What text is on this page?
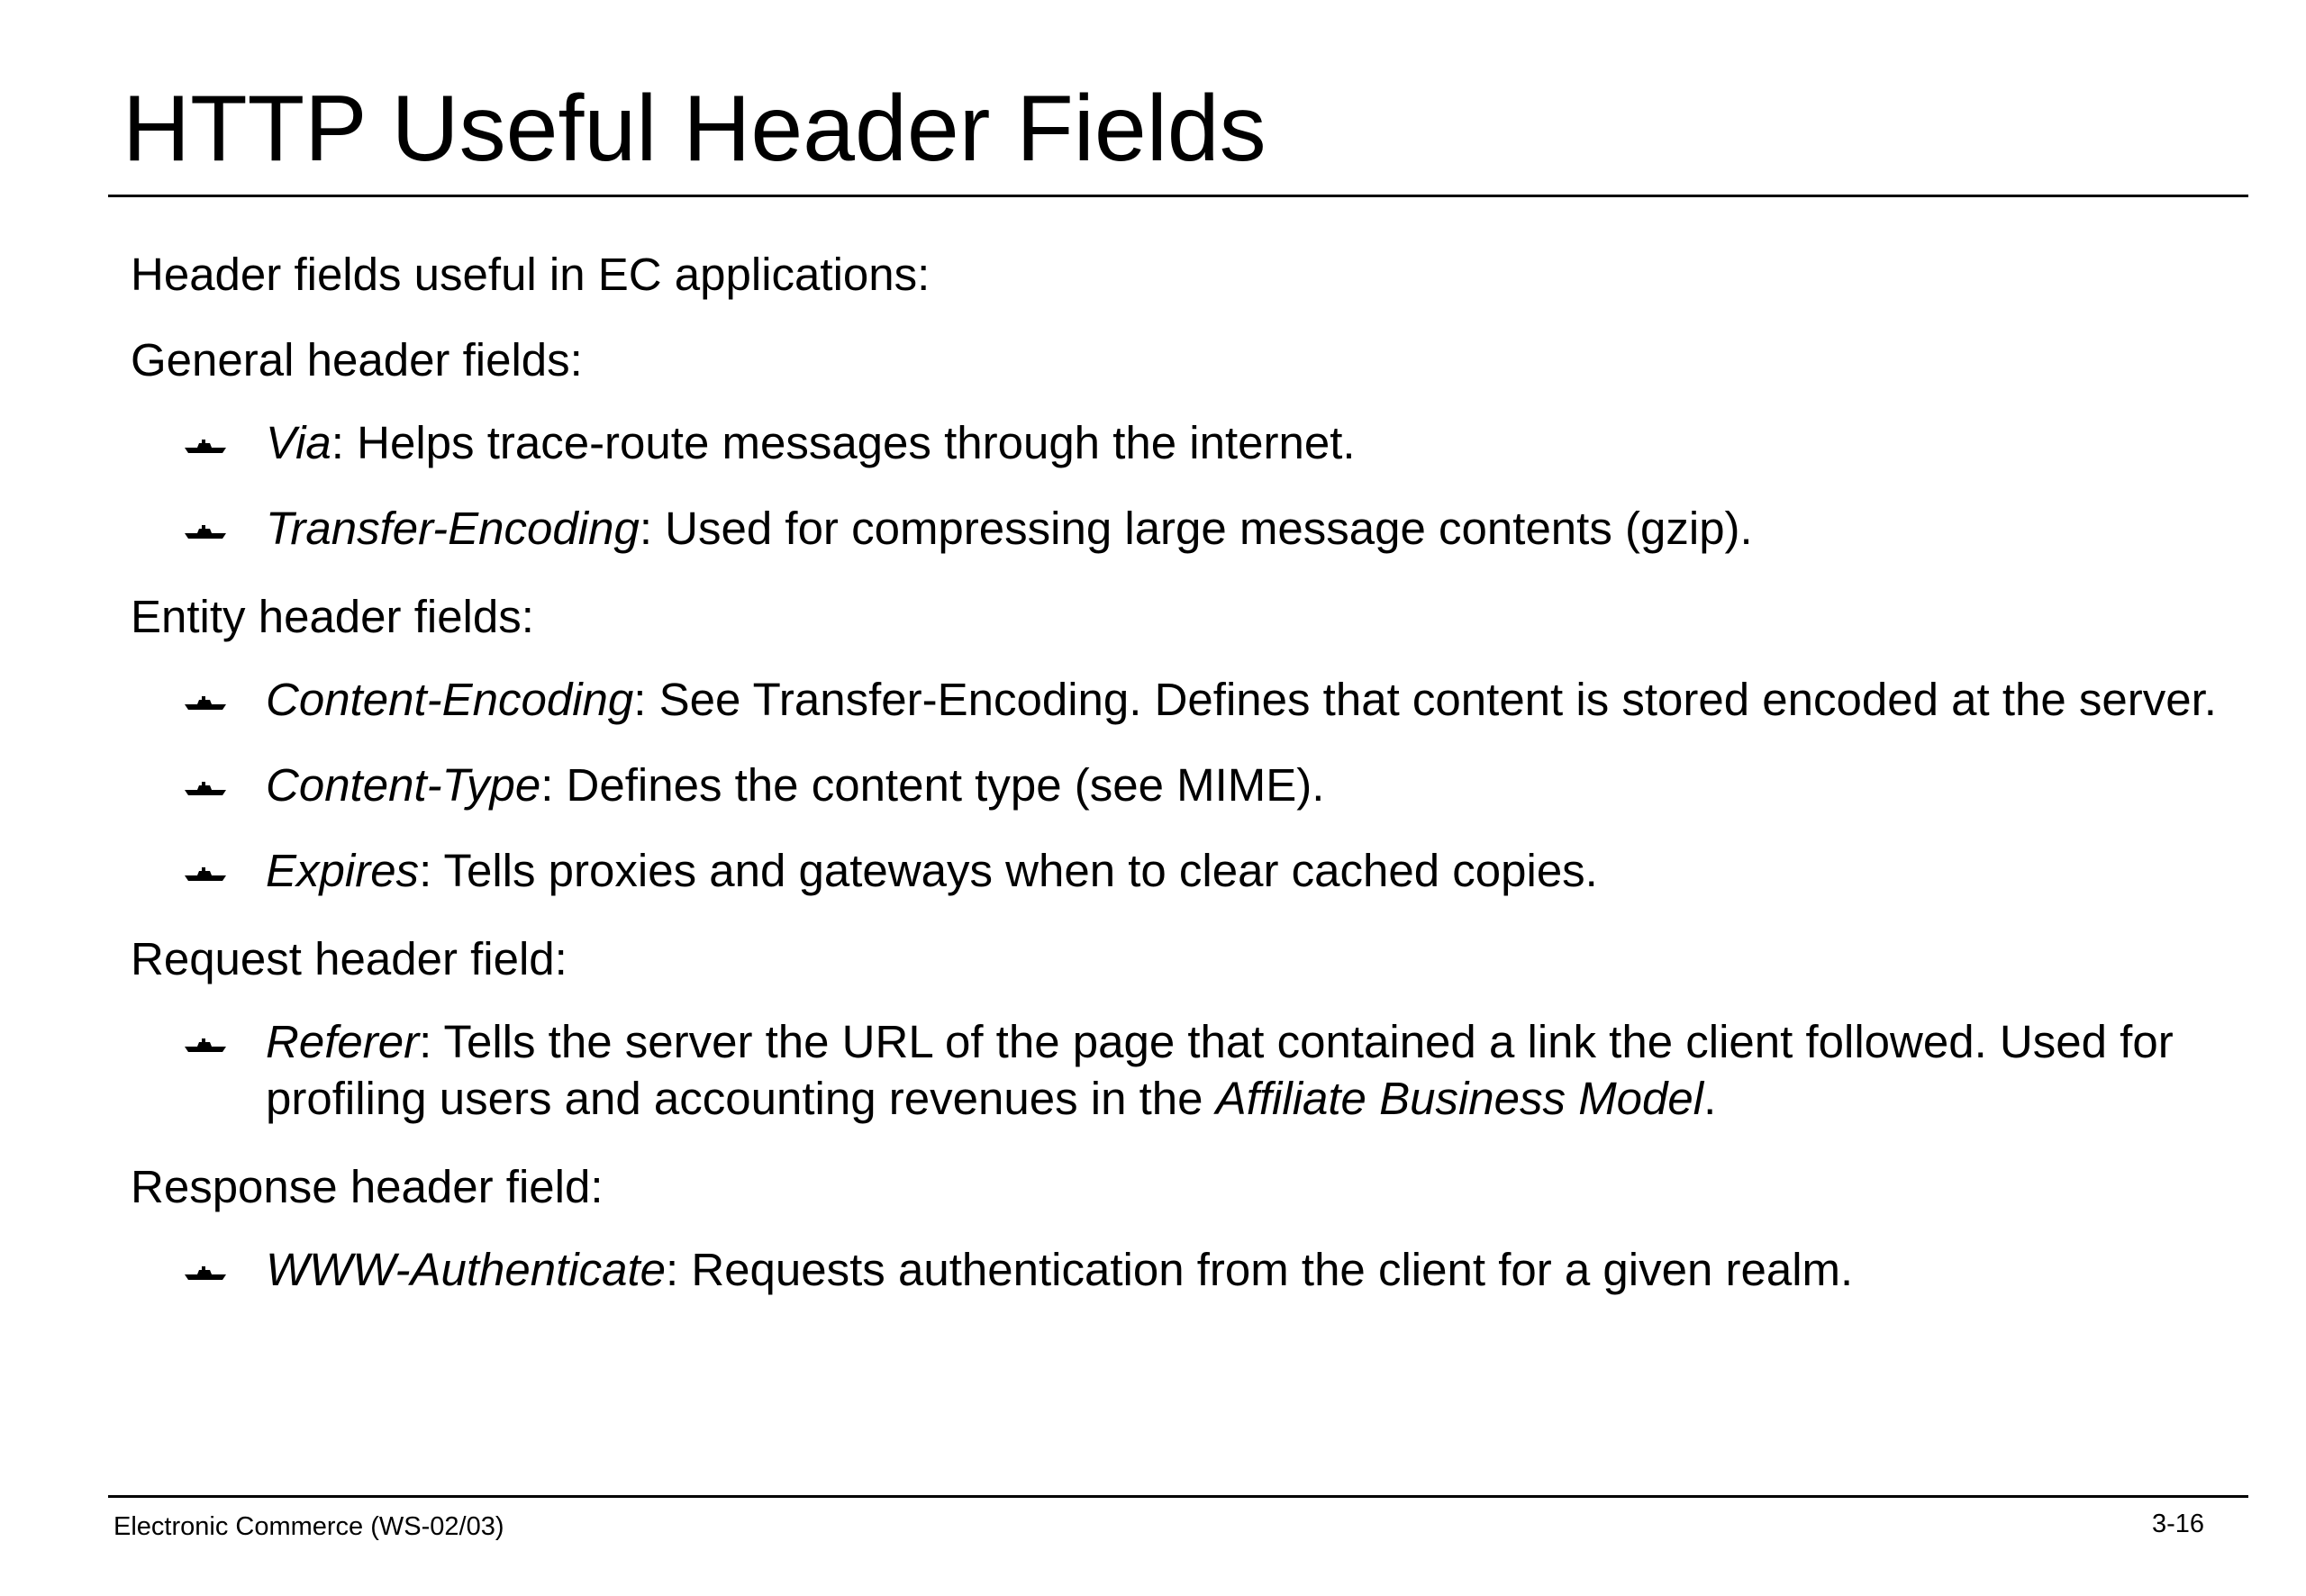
HTTP Useful Header Fields
Header fields useful in EC applications:
General header fields:
Via: Helps trace-route messages through the internet.
Transfer-Encoding: Used for compressing large message contents (gzip).
Entity header fields:
Content-Encoding: See Transfer-Encoding. Defines that content is stored encoded at the server.
Content-Type: Defines the content type (see MIME).
Expires: Tells proxies and gateways when to clear cached copies.
Request header field:
Referer: Tells the server the URL of the page that contained a link the client followed. Used for profiling users and accounting revenues in the Affiliate Business Model.
Response header field:
WWW-Authenticate: Requests authentication from the client for a given realm.
Electronic Commerce (WS-02/03)	3-16
